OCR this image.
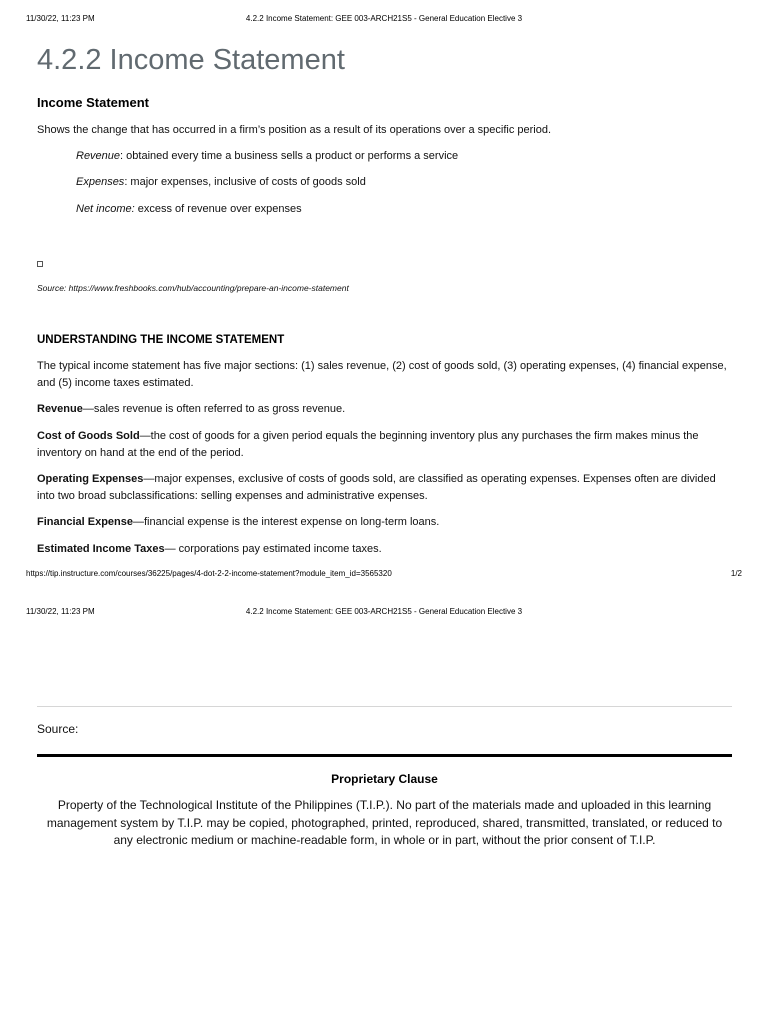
11/30/22, 11:23 PM	4.2.2 Income Statement: GEE 003-ARCH21S5 - General Education Elective 3
4.2.2 Income Statement
Income Statement

Shows the change that has occurred in a firm’s position as a result of its operations over a specific period.

Revenue: obtained every time a business sells a product or performs a service

Expenses: major expenses, inclusive of costs of goods sold

Net income: excess of revenue over expenses

Source: https://www.freshbooks.com/hub/accounting/prepare-an-income-statement

UNDERSTANDING THE INCOME STATEMENT

The typical income statement has five major sections: (1) sales revenue, (2) cost of goods sold, (3) operating expenses, (4) financial expense, and (5) income taxes estimated.

Revenue—sales revenue is often referred to as gross revenue.

Cost of Goods Sold—the cost of goods for a given period equals the beginning inventory plus any purchases the firm makes minus the inventory on hand at the end of the period.

Operating Expenses—major expenses, exclusive of costs of goods sold, are classified as operating expenses. Expenses often are divided into two broad subclassifications: selling expenses and administrative expenses.

Financial Expense—financial expense is the interest expense on long-term loans.

Estimated Income Taxes— corporations pay estimated income taxes.

https://tip.instructure.com/courses/36225/pages/4-dot-2-2-income-statement?module_item_id=3565320	1/2
11/30/22, 11:23 PM	4.2.2 Income Statement: GEE 003-ARCH21S5 - General Education Elective 3

Source:

Proprietary Clause

Property of the Technological Institute of the Philippines (T.I.P.). No part of the materials made and uploaded in this learning management system by T.I.P. may be copied, photographed, printed, reproduced, shared, transmitted, translated, or reduced to any electronic medium or machine-readable form, in whole or in part, without the prior consent of T.I.P.
